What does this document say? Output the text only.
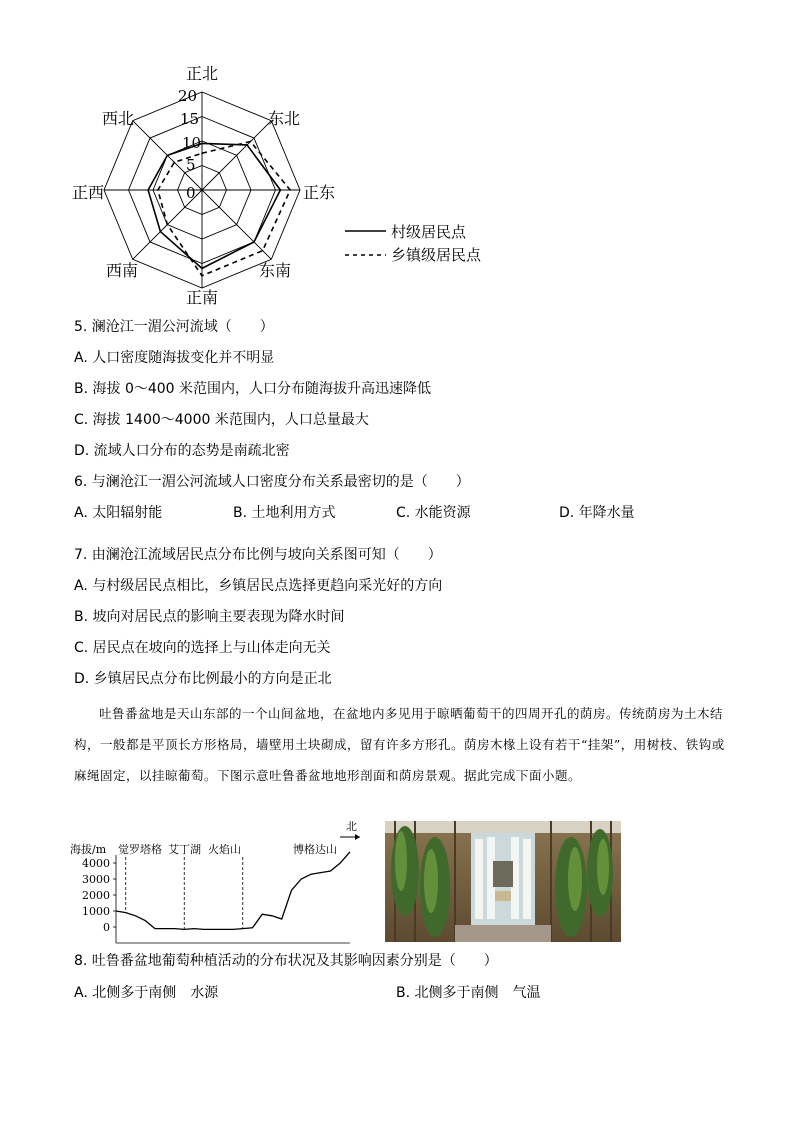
正北
东北
正东
东南
正南
西南
正西
西北
0
5
10
15
20
村级居民点
乡镇级居民点
5. 澜沧江一湄公河流域（　　）
A. 人口密度随海拔变化并不明显
B. 海拔 0～400 米范围内，人口分布随海拔升高迅速降低
C. 海拔 1400～4000 米范围内，人口总量最大
D. 流域人口分布的态势是南疏北密
6. 与澜沧江一湄公河流域人口密度分布关系最密切的是（　　）
A. 太阳辐射能	B. 土地利用方式	C. 水能资源	D. 年降水量
7. 由澜沧江流域居民点分布比例与坡向关系图可知（　　）
A. 与村级居民点相比，乡镇居民点选择更趋向采光好的方向
B. 坡向对居民点的影响主要表现为降水时间
C. 居民点在坡向的选择上与山体走向无关
D. 乡镇居民点分布比例最小的方向是正北

吐鲁番盆地是天山东部的一个山间盆地，在盆地内多见用于晾晒葡萄干的四周开孔的荫房。传统荫房为土木结构，一般都是平顶长方形格局，墙壁用土块砌成，留有许多方形孔。荫房木椽上设有若干“挂架”，用树枝、铁钩或麻绳固定，以挂晾葡萄。下图示意吐鲁番盆地地形剖面和荫房景观。据此完成下面小题。

海拔/m
北
觉罗塔格 艾丁湖 火焰山	博格达山
0
1000
2000
3000
4000
8. 吐鲁番盆地葡萄种植活动的分布状况及其影响因素分别是（　　）
A. 北侧多于南侧　水源	B. 北侧多于南侧　气温
